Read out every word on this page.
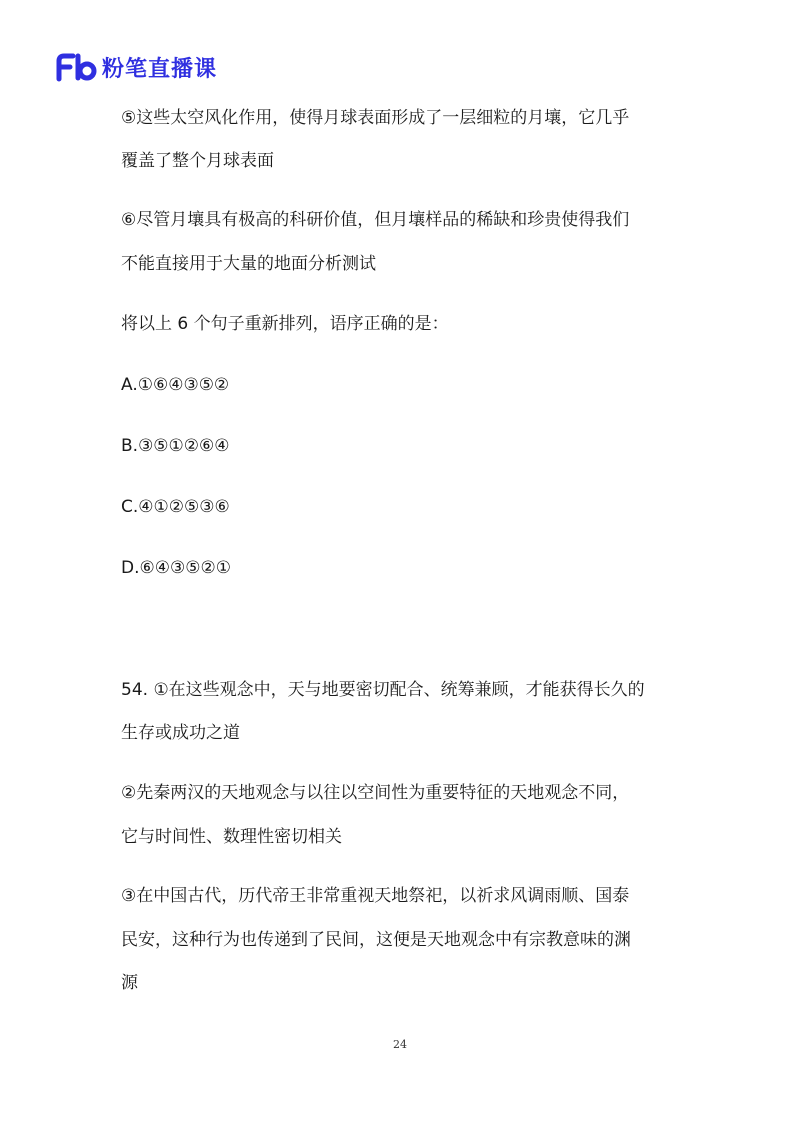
粉笔直播课
⑤这些太空风化作用，使得月球表面形成了一层细粒的月壤，它几乎
覆盖了整个月球表面
⑥尽管月壤具有极高的科研价值，但月壤样品的稀缺和珍贵使得我们
不能直接用于大量的地面分析测试
将以上 6 个句子重新排列，语序正确的是：
A.①⑥④③⑤②
B.③⑤①②⑥④
C.④①②⑤③⑥
D.⑥④③⑤②①
54. ①在这些观念中，天与地要密切配合、统筹兼顾，才能获得长久的
生存或成功之道
②先秦两汉的天地观念与以往以空间性为重要特征的天地观念不同，
它与时间性、数理性密切相关
③在中国古代，历代帝王非常重视天地祭祀，以祈求风调雨顺、国泰
民安，这种行为也传递到了民间，这便是天地观念中有宗教意味的渊
源
24
